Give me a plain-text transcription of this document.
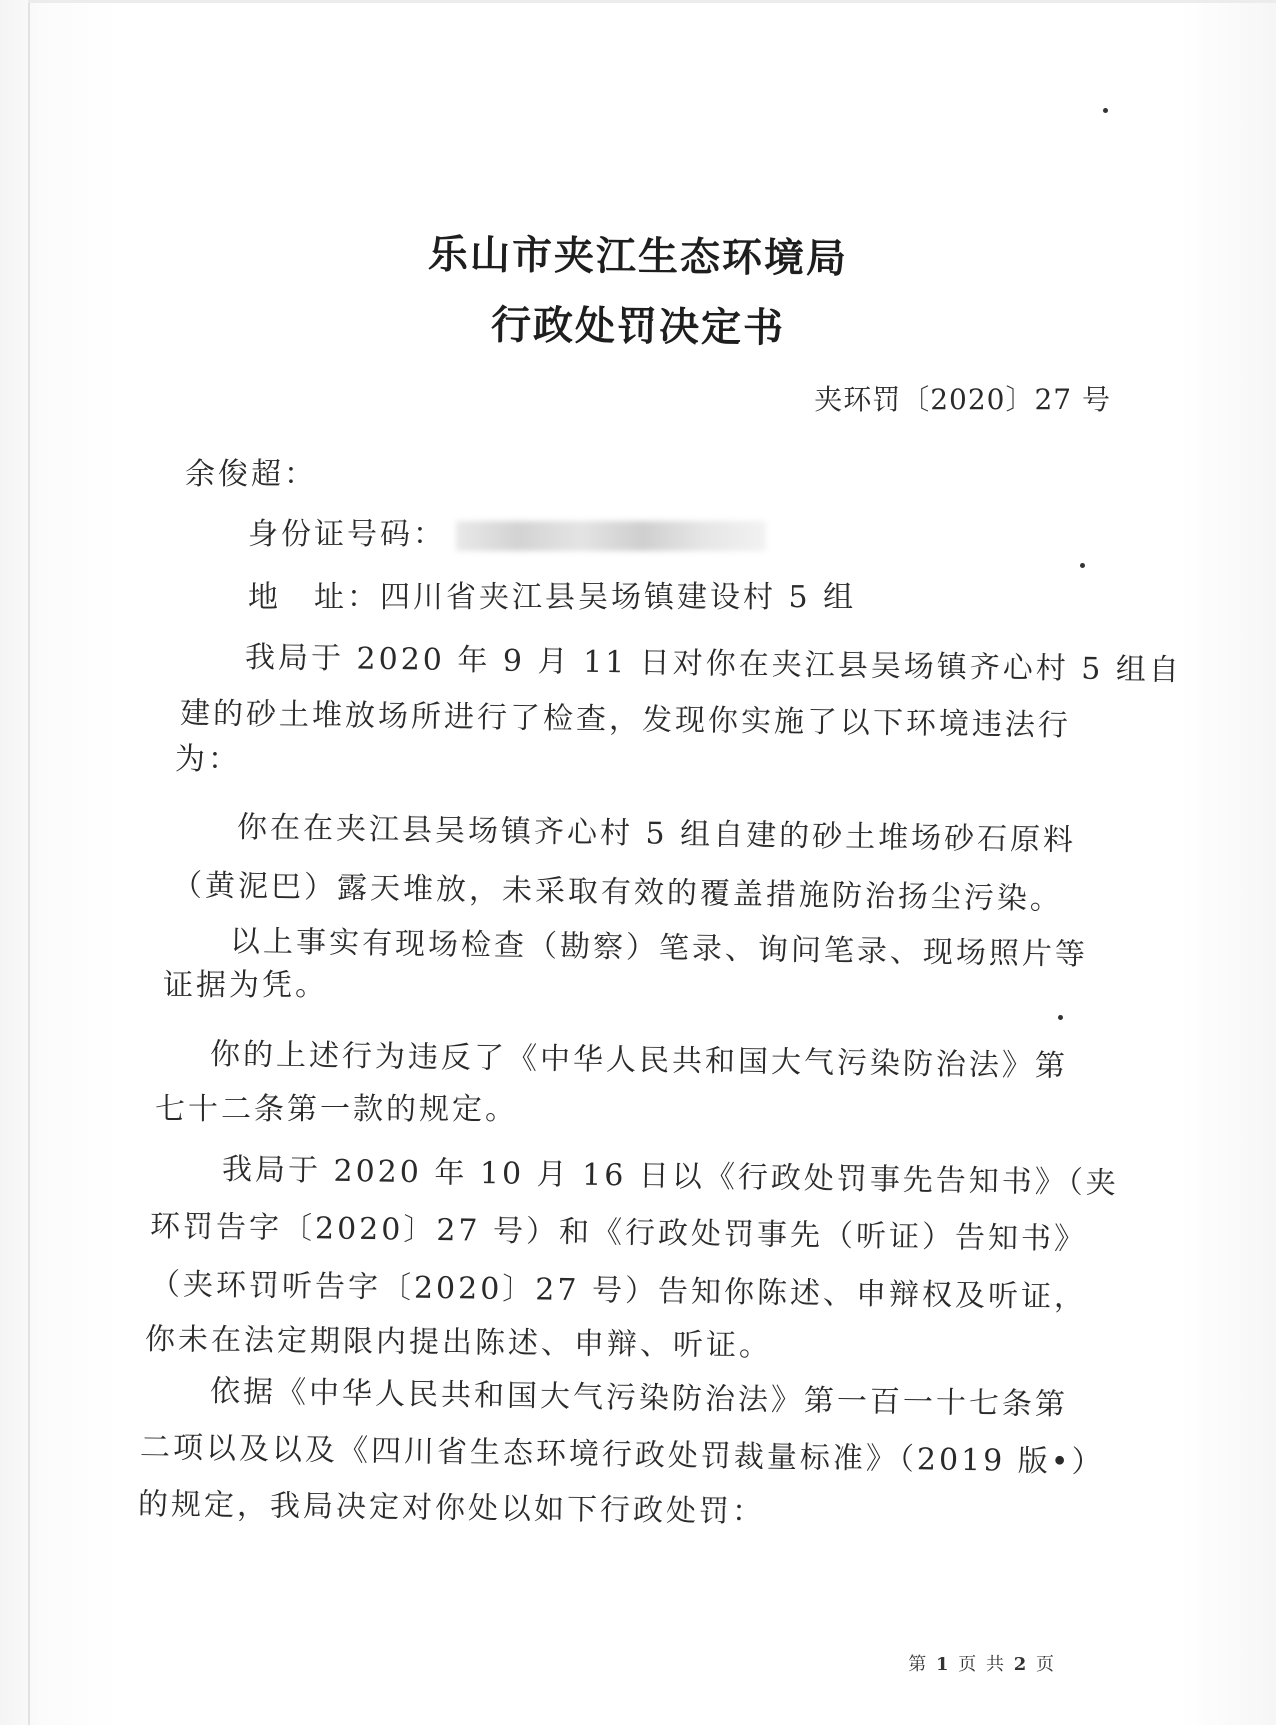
乐山市夹江生态环境局
行政处罚决定书
夹环罚〔2020〕27 号
余俊超：
身份证号码：
地　址：四川省夹江县吴场镇建设村 5 组
我局于 2020 年 9 月 11 日对你在夹江县吴场镇齐心村 5 组自
建的砂土堆放场所进行了检查，发现你实施了以下环境违法行
为：
你在在夹江县吴场镇齐心村 5 组自建的砂土堆场砂石原料
（黄泥巴）露天堆放，未采取有效的覆盖措施防治扬尘污染。
以上事实有现场检查（勘察）笔录、询问笔录、现场照片等
证据为凭。
你的上述行为违反了《中华人民共和国大气污染防治法》第
七十二条第一款的规定。
我局于 2020 年 10 月 16 日以《行政处罚事先告知书》（夹
环罚告字〔2020〕27 号）和《行政处罚事先（听证）告知书》
（夹环罚听告字〔2020〕27 号）告知你陈述、申辩权及听证，
你未在法定期限内提出陈述、申辩、听证。
依据《中华人民共和国大气污染防治法》第一百一十七条第
二项以及以及《四川省生态环境行政处罚裁量标准》（2019 版•）
的规定，我局决定对你处以如下行政处罚：
第 1 页 共 2 页
